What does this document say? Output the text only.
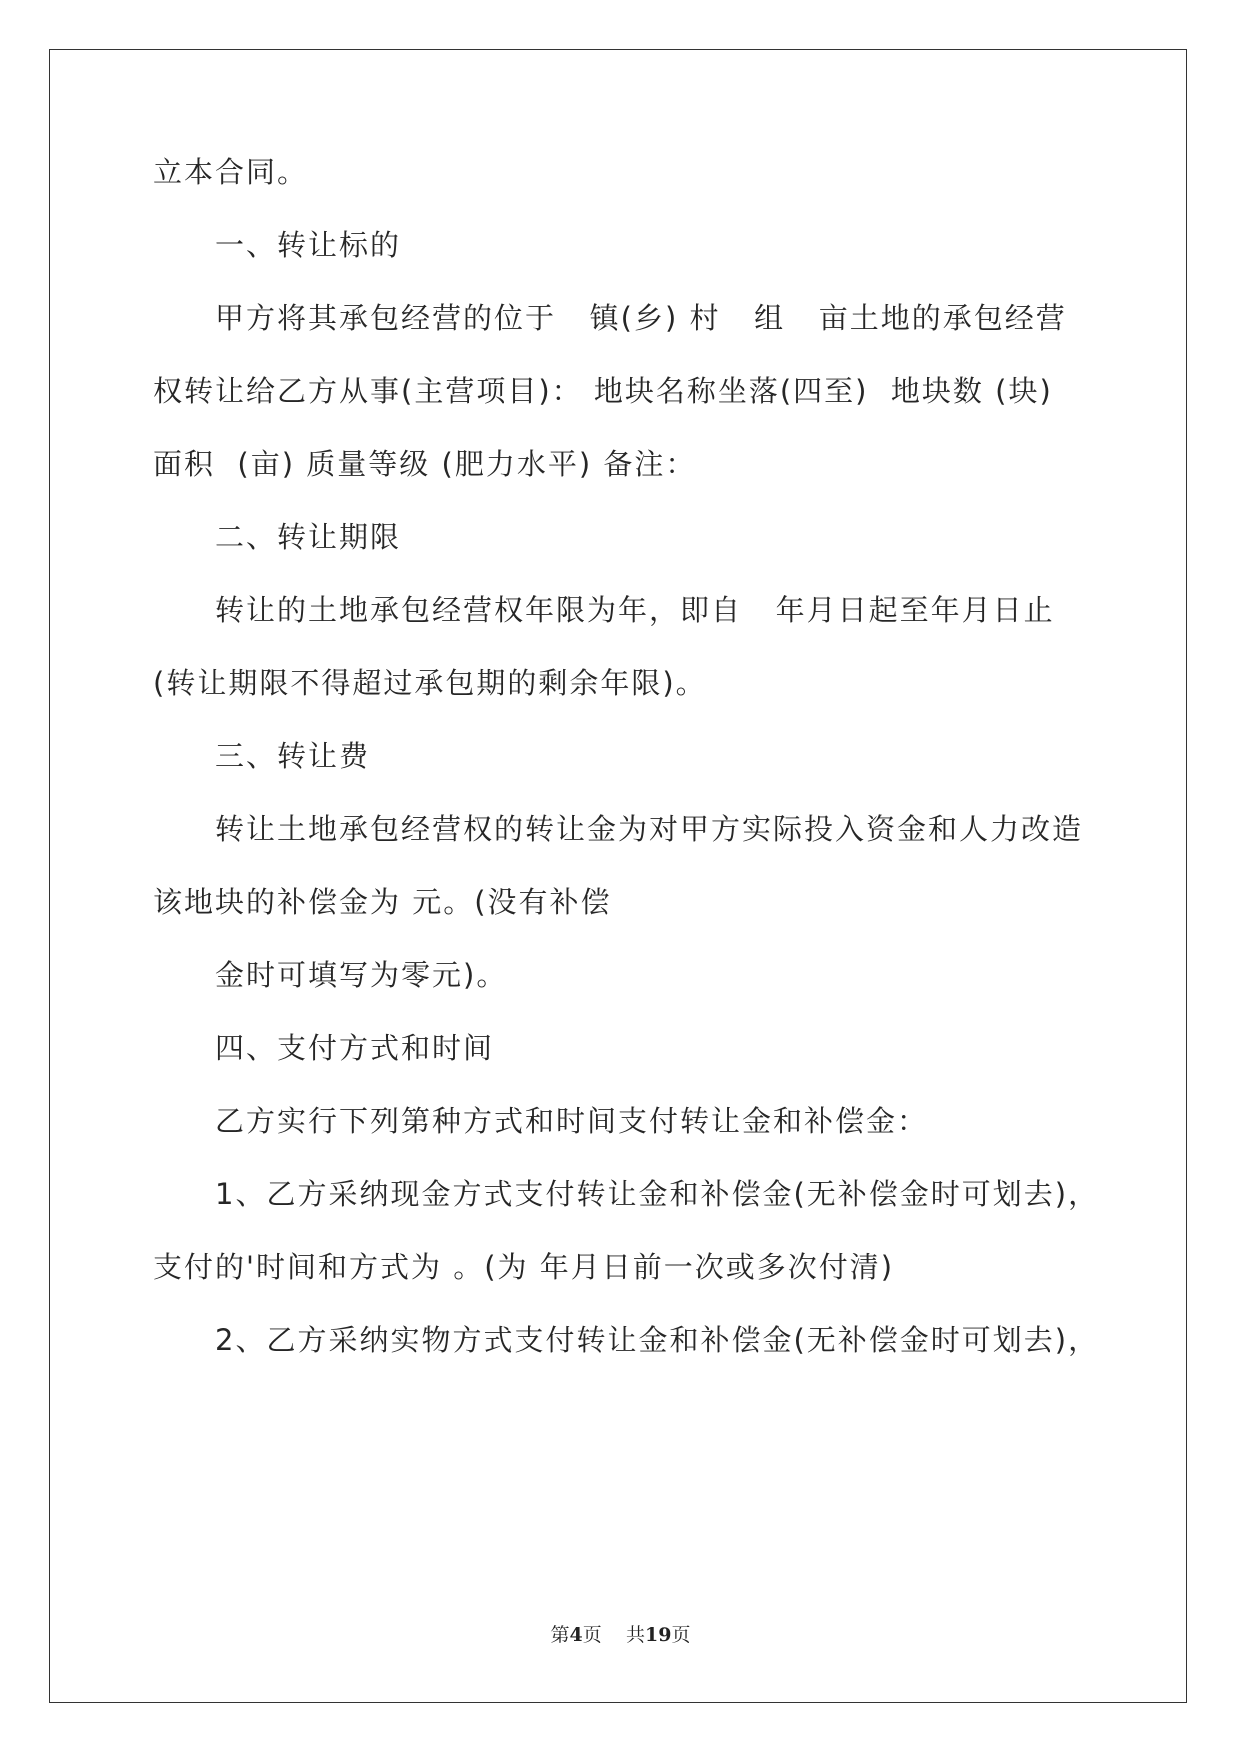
立本合同。
一、转让标的
甲方将其承包经营的位于   镇(乡) 村   组   亩土地的承包经营
权转让给乙方从事(主营项目)： 地块名称坐落(四至)  地块数 (块)
面积  (亩) 质量等级 (肥力水平) 备注：
二、转让期限
转让的土地承包经营权年限为年，即自   年月日起至年月日止
(转让期限不得超过承包期的剩余年限)。
三、转让费
转让土地承包经营权的转让金为对甲方实际投入资金和人力改造
该地块的补偿金为 元。(没有补偿
金时可填写为零元)。
四、支付方式和时间
乙方实行下列第种方式和时间支付转让金和补偿金：
1、乙方采纳现金方式支付转让金和补偿金(无补偿金时可划去)，
支付的'时间和方式为 。(为 年月日前一次或多次付清)
2、乙方采纳实物方式支付转让金和补偿金(无补偿金时可划去)，
第4页 共19页
